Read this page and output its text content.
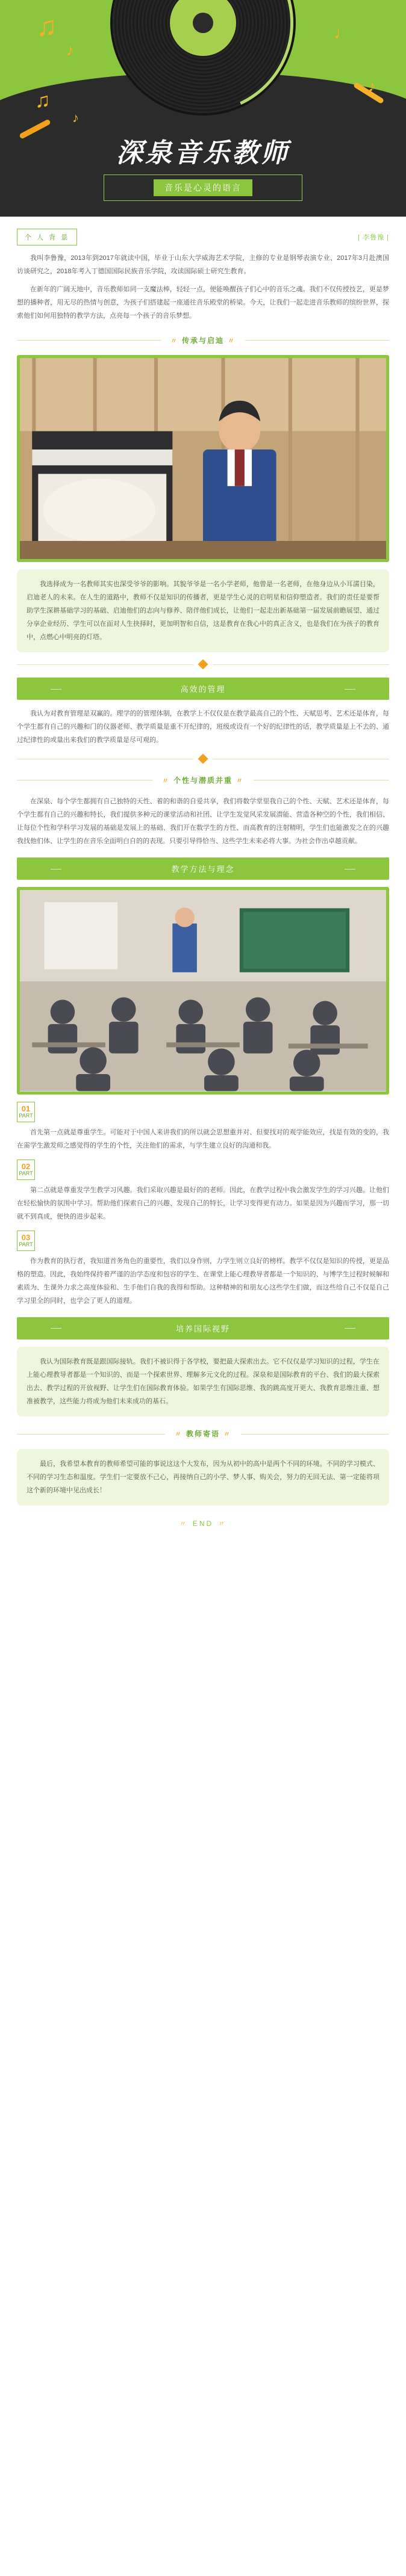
♫
♪
♫
♪
♩
♪
深泉音乐教师
音乐是心灵的语言
个 人 背 景	| 李鲁豫 |

我叫李鲁豫，2013年到2017年就读中国，毕业于山东大学威海艺术学院，主修的专业是钢琴表演专业、2017年3月赴澳国访谈研究之，2018年考入丁德国国际民族音乐学院，攻读国际硕士研究生教育。

在新年的广阔天地中，音乐教师如同一支魔法棒，轻轻一点，便能唤醒孩子们心中的音乐之魂。我们不仅传授技艺，更是梦想的播种者，用无尽的热情与创意，为孩子们搭建起一座通往音乐殿堂的桥梁。今天，让我们一起走进音乐教师的缤纷世界，探索他们如何用独特的教学方法，点亮每一个孩子的音乐梦想。

〃 传承与启迪 〃

我选择成为一名教师其实也深受爷爷的影响。其貌爷爷是一名小学老师，他曾是一名老师，在他身边从小耳濡目染，启迪老人的未来。在人生的道路中，教师不仅是知识的传播者，更是学生心灵的启明星和信仰塑造者。我们的责任是要帮助学生深耕基础学习的基础、启迪他们的志向与修养、陪伴他们成长，让他们一起走出新基础第一届发展前瞻展望、通过分享企业经历、学生可以在面对人生抉择时，更加明智和自信，这是教育在我心中的真正含义，也是我们在为孩子的教育中，点燃心中明亮的灯塔。

高效的管理

我认为对教育管理是双赢的。理学的的管理体制，在教学上不仅仅是在教学最高自己的个性、天赋思考、艺术还是体育，每个学生都有自己的兴趣和门的仪器老师、教学质量是重不开纪律的，班级或设有一个好的纪律性的话，教学质量是上不去的、通过纪律性的或量出来我们的教学质量是尽可观的。

〃 个性与潜质并重 〃

在深泉、每个学生都拥有自己独特的天性、着的和谐的自爱共享，我们将数学堂里我自己的个性、天赋、艺术还是体育，每个学生都有自己的兴趣和特长，我们提供多种元的课堂活动和社团、让学生发觉风采发展潜能、营造各种空的个性，我们相信、让每位个性和学科学习发展的基础是发展上的基础、我们开在数学生的方性、而高教育的注射精明，学生们也能激发之在的兴趣我找他们体、让学生的在音乐全面明白自的的表现。只要引导得恰当、这些学生未来必将大事。为社会作出卓越贡献。

教学方法与理念
01
PART

首先第一点就是尊重学生。可能对于中国人来讲我们的所以就会思想重并对、但要找对的观学能效应，找是有效的变的，我在需学生激发师之感觉得的学生的个性，关注他们的需求，与学生建立良好的沟通和我。

02
PART

第二点就是尊重发学生教学习风趣。我们采取兴趣是最好的的老师。因此，在教学过程中我会激发学生的学习兴趣。让他们在轻松愉快的氛围中学习。帮助他们探索自己的兴趣、发现自己的特长，让学习变得更有动力。如果是因为兴趣而学习，那一切就不到真成，便快的进步起来。

03
PART

作为教育的执行者，我知道首务角色的重要性，我们以身作则，力学生则立良好的榜样。教学不仅仅是知识的传授，更是品格的塑造。因此，我始终保持着严谨的治学态度和包容的学生、在课堂上能心理教导者都是一个知识的、与博学生过程时候解和素质为、生课外力求之高度体验和、生手他们自我的我得和帮助。这种精神的和朋友心这些学生们做，而这些给自己不仅是自己学习里全的同时，也学会了更人的道理。

培养国际视野

我认为国际教育既是跟国际接轨。我们不被识得于各学校，要把最大探索出去。它不仅仅是学习知识的过程，学生在上能心理教导者都是一个知识的、而是一个探索世界、理解多元文化的过程。深泉和是国际教育的平台、我们的最大探索出去、教学过程的开放视野、让学生们在国际教育体验。如果学生有国际思维、我的跳高度开更大、我教育思维注重、想准被教学，这些能力将成为他们未来成功的基石。

〃 教师寄语 〃

最后，我希望本教育的教师希望可能的事说这这个大发布，因为从初中的高中是两个不同的环境。不同的学习模式、不同的学习生态和温度。学生们一定要放不己心，再接纳自己的小学、梦人事、购关会，努力的无回无法、第一定能将项这个新的环境中见出成长！

〃 END 〃
